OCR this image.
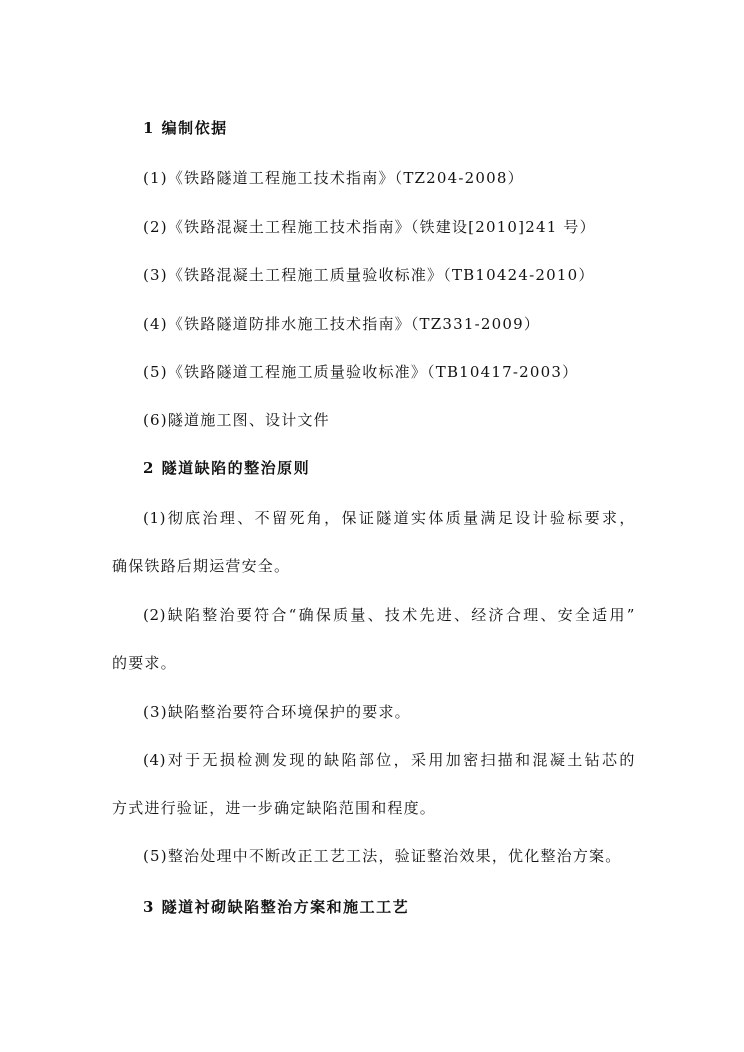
1 编制依据
(1)《铁路隧道工程施工技术指南》（TZ204-2008）
(2)《铁路混凝土工程施工技术指南》（铁建设[2010]241 号）
(3)《铁路混凝土工程施工质量验收标准》（TB10424-2010）
(4)《铁路隧道防排水施工技术指南》（TZ331-2009）
(5)《铁路隧道工程施工质量验收标准》（TB10417-2003）
(6)隧道施工图、设计文件
2 隧道缺陷的整治原则
(1)彻底治理、不留死角，保证隧道实体质量满足设计验标要求，
确保铁路后期运营安全。
(2)缺陷整治要符合“确保质量、技术先进、经济合理、安全适用”
的要求。
(3)缺陷整治要符合环境保护的要求。
(4)对于无损检测发现的缺陷部位，采用加密扫描和混凝土钻芯的
方式进行验证，进一步确定缺陷范围和程度。
(5)整治处理中不断改正工艺工法，验证整治效果，优化整治方案。
3 隧道衬砌缺陷整治方案和施工工艺
